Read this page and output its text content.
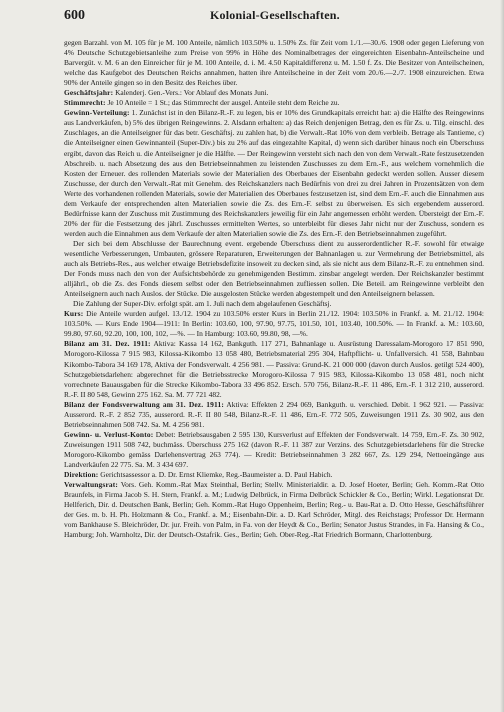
600	Kolonial-Gesellschaften.

gegen Barzahl. von M. 105 für je M. 100 Anteile, nämlich 103.50% u. 1.50% Zs. für Zeit vom 1./1.—30./6. 1908 oder gegen Lieferung von 4% Deutsche Schutzgebietsanleihe zum Preise von 99% in Höhe des Nominalbetrages der eingereichten Eisenbahn-Anteilscheine und Barvergüt. v. M. 6 an den Einreicher für je M. 100 Anteile, d. i. M. 4.50 Kapitaldifferenz u. M. 1.50 f. Zs. Die Besitzer von Anteilscheinen, welche das Kaufgebot des Deutschen Reichs annahmen, hatten ihre Anteilscheine in der Zeit vom 20./6.—2./7. 1908 einzureichen. Etwa 90% der Anteile gingen so in den Besitz des Reiches über.

Geschäftsjahr: Kalenderj. Gen.-Vers.: Vor Ablauf des Monats Juni.

Stimmrecht: Je 10 Anteile = 1 St.; das Stimmrecht der ausgel. Anteile steht dem Reiche zu.

Gewinn-Verteilung: 1. Zunächst ist in den Bilanz-R.-F. zu legen, bis er 10% des Grundkapitals erreicht hat: a) die Hälfte des Reingewinns aus Landverkäufen, b) 5% des übrigen Reingewinns. 2. Alsdann erhalten: a) das Reich denjenigen Betrag, den es für Zs. u. Tilg. einschl. des Zuschlages, an die Anteilseigner für das betr. Geschäftsj. zu zahlen hat, b) die Verwalt.-Rat 10% von dem verbleib. Betrage als Tantieme, c) die Anteilseigner einen Gewinnanteil (Super-Div.) bis zu 2% auf das eingezahlte Kapital, d) wenn sich darüber hinaus noch ein Überschuss ergibt, davon das Reich u. die Anteilseigner je die Hälfte. — Der Reingewinn versteht sich nach den von dem Verwalt.-Rate festzusetzenden Abschreib. u. nach Absetzung des aus den Betriebseinnahmen zu leistenden Zuschusses zu dem Ern.-F., aus welchem vornehmlich die Kosten der Erneuer. des rollenden Materials sowie der Materialien des Oberbaues der Eisenbahn gedeckt werden sollen. Ausser diesem Zuschusse, der durch den Verwalt.-Rat mit Genehm. des Reichskanzlers nach Bedürfnis von drei zu drei Jahren in Prozentsätzen von dem Werte des vorhandenen rollenden Materials, sowie der Materialien des Oberbaues festzusetzen ist, sind dem Ern.-F. auch die Einnahmen aus dem Verkaufe der entsprechenden alten Materialien sowie die Zs. des Ern.-F. selbst zu überweisen. Es sich ergebendem ausserord. Bedürfnisse kann der Zuschuss mit Zustimmung des Reichskanzlers jeweilig für ein Jahr angemessen erhöht werden. Übersteigt der Ern.-F. 20% der für die Festsetzung des jährl. Zuschusses ermittelten Wertes, so unterbleibt für dieses Jahr nicht nur der Zuschuss, sondern es werden auch die Einnahmen aus dem Verkaufe der alten Materialien sowie die Zs. des Ern.-F. den Betriebseinnahmen zugeführt.

Der sich bei dem Abschlusse der Baurechnung event. ergebende Überschuss dient zu ausserordentlicher R.-F. sowohl für etwaige wesentliche Verbesserungen, Umbauten, grössere Reparaturen, Erweiterungen der Bahnanlagen u. zur Vermehrung der Betriebsmittel, als auch als Betriebs-Res., aus welcher etwaige Betriebsdefizite insoweit zu decken sind, als sie nicht aus dem Bilanz-R.-F. zu entnehmen sind. Der Fonds muss nach den von der Aufsichtsbehörde zu genehmigenden Bestimm. zinsbar angelegt werden. Der Reichskanzler bestimmt alljährl., ob die Zs. des Fonds diesem selbst oder den Betriebseinnahmen zufliessen sollen. Die Beteil. am Reingewinne verbleibt den Anteilseignern auch nach Auslos. der Stücke. Die ausgelosten Stücke werden abgestempelt und den Anteilseignern belassen.

Die Zahlung der Super-Div. erfolgt spät. am 1. Juli nach dem abgelaufenen Geschäftsj.

Kurs: Die Anteile wurden aufgel. 13./12. 1904 zu 103.50% erster Kurs in Berlin 21./12. 1904: 103.50% in Frankf. a. M. 21./12. 1904: 103.50%. — Kurs Ende 1904—1911: In Berlin: 103.60, 100, 97.90, 97.75, 101.50, 101, 103.40, 100.50%. — In Frankf. a. M.: 103.60, 99.80, 97.60, 92.20, 100, 100, 102, —%. — In Hamburg: 103.60, 99.80, 98, —%.

Bilanz am 31. Dez. 1911: Aktiva: Kassa 14 162, Bankguth. 117 271, Bahnanlage u. Ausrüstung Daressalam-Morogoro 17 851 990, Morogoro-Kilossa 7 915 983, Kilossa-Kikombo 13 058 480, Betriebsmaterial 295 304, Haftpflicht- u. Unfallversich. 41 558, Bahnbau Kikombo-Tabora 34 169 178, Aktiva der Fondsverwalt. 4 256 981. — Passiva: Grund-K. 21 000 000 (davon durch Auslos. getilgt 524 400), Schutzgebietsdarlehen: abgerechnet für die Betriebsstrecke Morogoro-Kilossa 7 915 983, Kilossa-Kikombo 13 058 481, noch nicht vorrechnete Bauausgaben für die Strecke Kikombo-Tabora 33 496 852. Ersch. 570 756, Bilanz-R.-F. 11 486, Ern.-F. 1 312 210, ausserord. R.-F. II 80 548, Gewinn 275 162. Sa. M. 77 721 482.

Bilanz der Fondsverwaltung am 31. Dez. 1911: Aktiva: Effekten 2 294 069, Bankguth. u. verschied. Debit. 1 962 921. — Passiva: Ausserord. R.-F. 2 852 735, ausserord. R.-F. II 80 548, Bilanz-R.-F. 11 486, Ern.-F. 772 505, Zuweisungen 1911 Zs. 30 902, aus den Betriebseinnahmen 508 742. Sa. M. 4 256 981.

Gewinn- u. Verlust-Konto: Debet: Betriebsausgaben 2 595 130, Kursverlust auf Effekten der Fondsverwalt. 14 759, Ern.-F. Zs. 30 902, Zuweisungen 1911 508 742, buchmäss. Überschuss 275 162 (davon R.-F. 11 387 zur Verzins. des Schutzgebietsdarlehens für die Strecke Morogoro-Kikombo gemäss Darlehensvertrag 263 774). — Kredit: Betriebseinnahmen 3 282 667, Zs. 129 294, Nettoeingänge aus Landverkäufen 22 775. Sa. M. 3 434 697.

Direktion: Gerichtsassessor a. D. Dr. Ernst Kliemke, Reg.-Baumeister a. D. Paul Habich.

Verwaltungsrat: Vors. Geh. Komm.-Rat Max Steinthal, Berlin; Stellv. Ministerialdir. a. D. Josef Hoeter, Berlin; Geh. Komm.-Rat Otto Braunfels, in Firma Jacob S. H. Stern, Frankf. a. M.; Ludwig Delbrück, in Firma Delbrück Schickler & Co., Berlin; Wirkl. Legationsrat Dr. Hellferich, Dir. d. Deutschen Bank, Berlin; Geh. Komm.-Rat Hugo Oppenheim, Berlin; Reg.- u. Bau-Rat a. D. Otto Hesse, Geschäftsführer der Ges. m. b. H. Ph. Holzmann & Co., Frankf. a. M.; Eisenbahn-Dir. a. D. Karl Schröder, Mitgl. des Reichstags; Professor Dr. Hermann vom Bankhause S. Bleichröder, Dr. jur. Freih. von Palm, in Fa. von der Heydt & Co., Berlin; Senator Justus Strandes, in Fa. Hansing & Co., Hamburg; Joh. Warnholtz, Dir. der Deutsch-Ostafrik. Ges., Berlin; Geh. Ober-Reg.-Rat Friedrich Bormann, Charlottenburg.
